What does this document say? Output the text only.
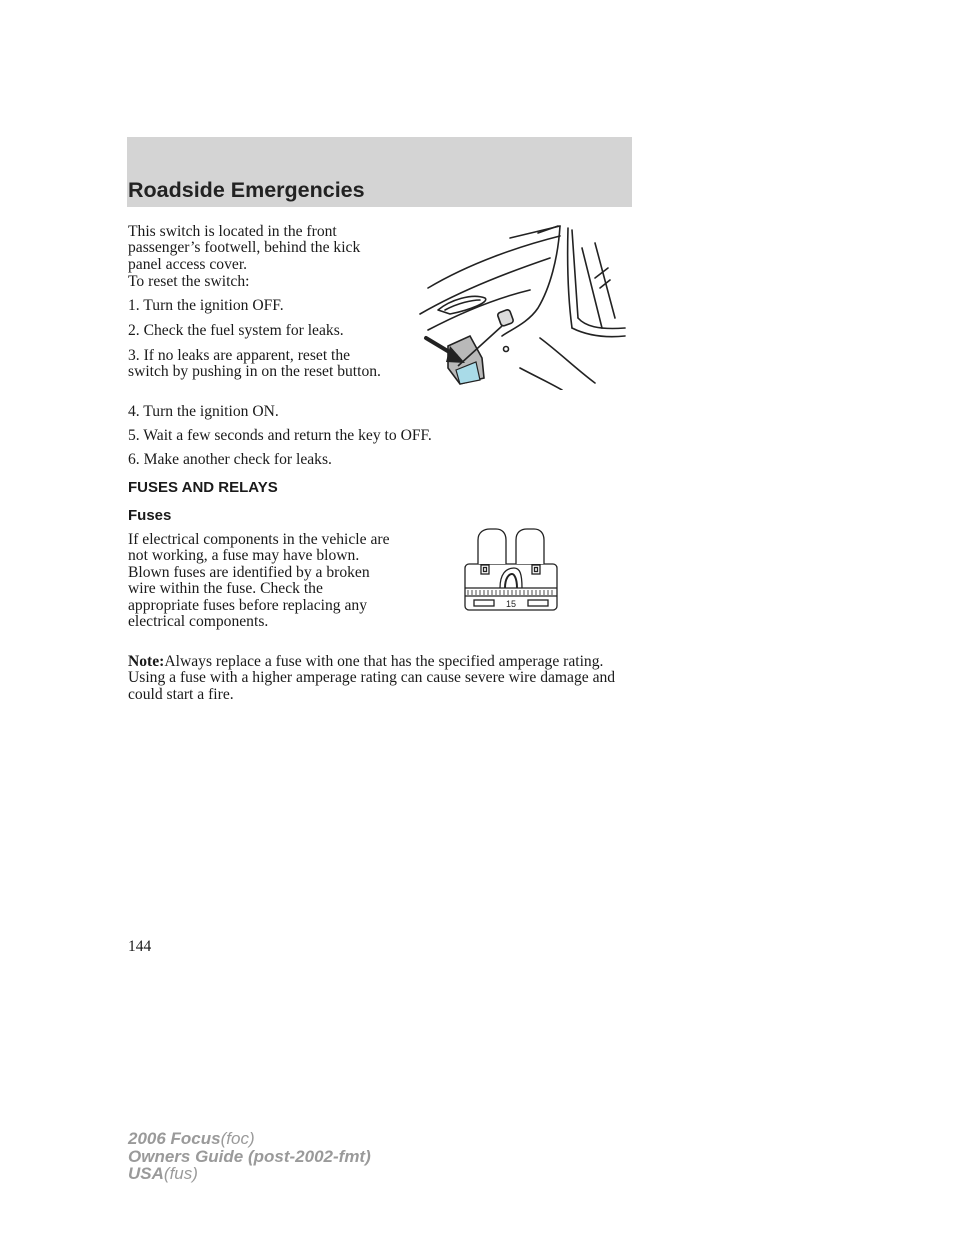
Roadside Emergencies

This switch is located in the front passenger’s footwell, behind the kick panel access cover.

To reset the switch:

1. Turn the ignition OFF.

2. Check the fuel system for leaks.

3. If no leaks are apparent, reset the switch by pushing in on the reset button.

4. Turn the ignition ON.

5. Wait a few seconds and return the key to OFF.

6. Make another check for leaks.

FUSES AND RELAYS
Fuses

If electrical components in the vehicle are not working, a fuse may have blown. Blown fuses are identified by a broken wire within the fuse. Check the appropriate fuses before replacing any electrical components.

15

Note:Always replace a fuse with one that has the specified amperage rating. Using a fuse with a higher amperage rating can cause severe wire damage and could start a fire.

144

2006 Focus(foc)
Owners Guide (post-2002-fmt)
USA(fus)
